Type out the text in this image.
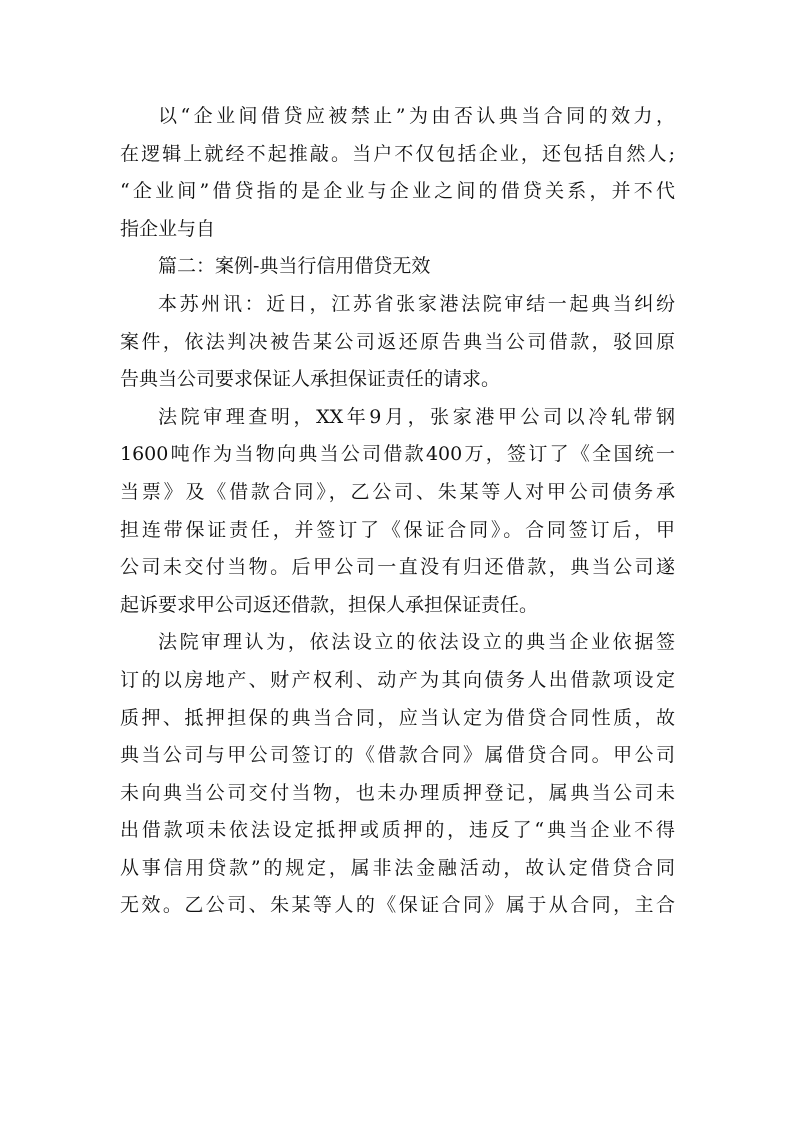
以“企业间借贷应被禁止”为由否认典当合同的效力，
在逻辑上就经不起推敲。当户不仅包括企业，还包括自然人;
“企业间”借贷指的是企业与企业之间的借贷关系，并不代
指企业与自
篇二：案例-典当行信用借贷无效
本苏州讯：近日，江苏省张家港法院审结一起典当纠纷
案件，依法判决被告某公司返还原告典当公司借款，驳回原
告典当公司要求保证人承担保证责任的请求。
法院审理查明，XX年9月，张家港甲公司以冷轧带钢
1600吨作为当物向典当公司借款400万，签订了《全国统一
当票》及《借款合同》，乙公司、朱某等人对甲公司债务承
担连带保证责任，并签订了《保证合同》。合同签订后，甲
公司未交付当物。后甲公司一直没有归还借款，典当公司遂
起诉要求甲公司返还借款，担保人承担保证责任。
法院审理认为，依法设立的依法设立的典当企业依据签
订的以房地产、财产权利、动产为其向债务人出借款项设定
质押、抵押担保的典当合同，应当认定为借贷合同性质，故
典当公司与甲公司签订的《借款合同》属借贷合同。甲公司
未向典当公司交付当物，也未办理质押登记，属典当公司未
出借款项未依法设定抵押或质押的，违反了“典当企业不得
从事信用贷款”的规定，属非法金融活动，故认定借贷合同
无效。乙公司、朱某等人的《保证合同》属于从合同，主合
